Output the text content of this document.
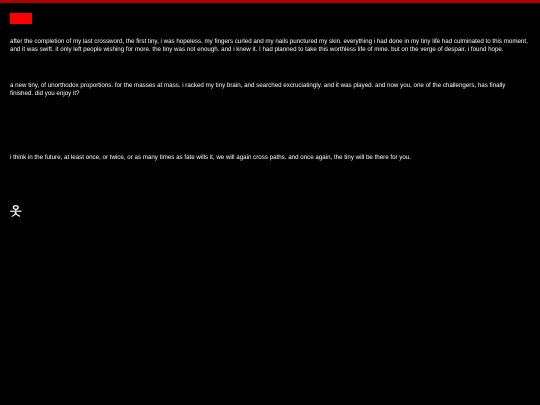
after the completion of my last crossword, the first tiny, i was hopeless. my fingers curled and my nails punctured my skin. everything i had done in my tiny life had culminated to this moment, and it was swift. it only left people wishing for more. the tiny was not enough. and i knew it. I had planned to take this worthless life of mine. but on the verge of despair, i found hope.

a new tiny, of unorthodox proportions. for the masses at mass. i racked my tiny brain, and searched excruciatingly. and it was played. and now you, one of the challengers, has finally finished. did you enjoy it?

i think in the future, at least once, or twice, or as many times as fate wills it, we will again cross paths. and once again, the tiny will be there for you.

옷
